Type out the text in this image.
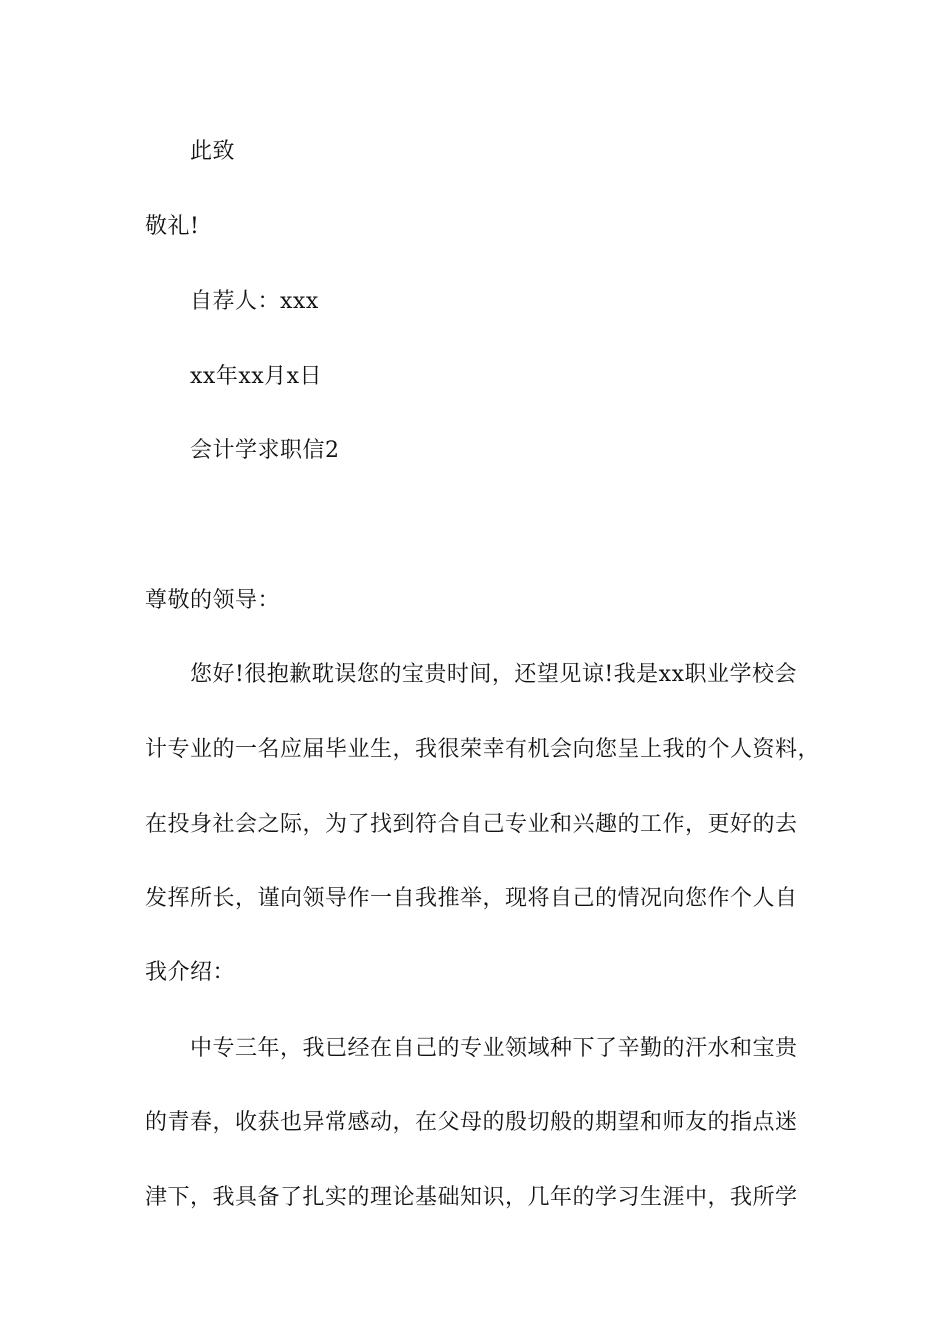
此致
敬礼!
自荐人：xxx
xx年xx月x日
会计学求职信2
尊敬的领导：
您好!很抱歉耽误您的宝贵时间，还望见谅!我是xx职业学校会
计专业的一名应届毕业生，我很荣幸有机会向您呈上我的个人资料，
在投身社会之际，为了找到符合自己专业和兴趣的工作，更好的去
发挥所长，谨向领导作一自我推举，现将自己的情况向您作个人自
我介绍：
中专三年，我已经在自己的专业领域种下了辛勤的汗水和宝贵
的青春，收获也异常感动，在父母的殷切般的期望和师友的指点迷
津下，我具备了扎实的理论基础知识，几年的学习生涯中，我所学
